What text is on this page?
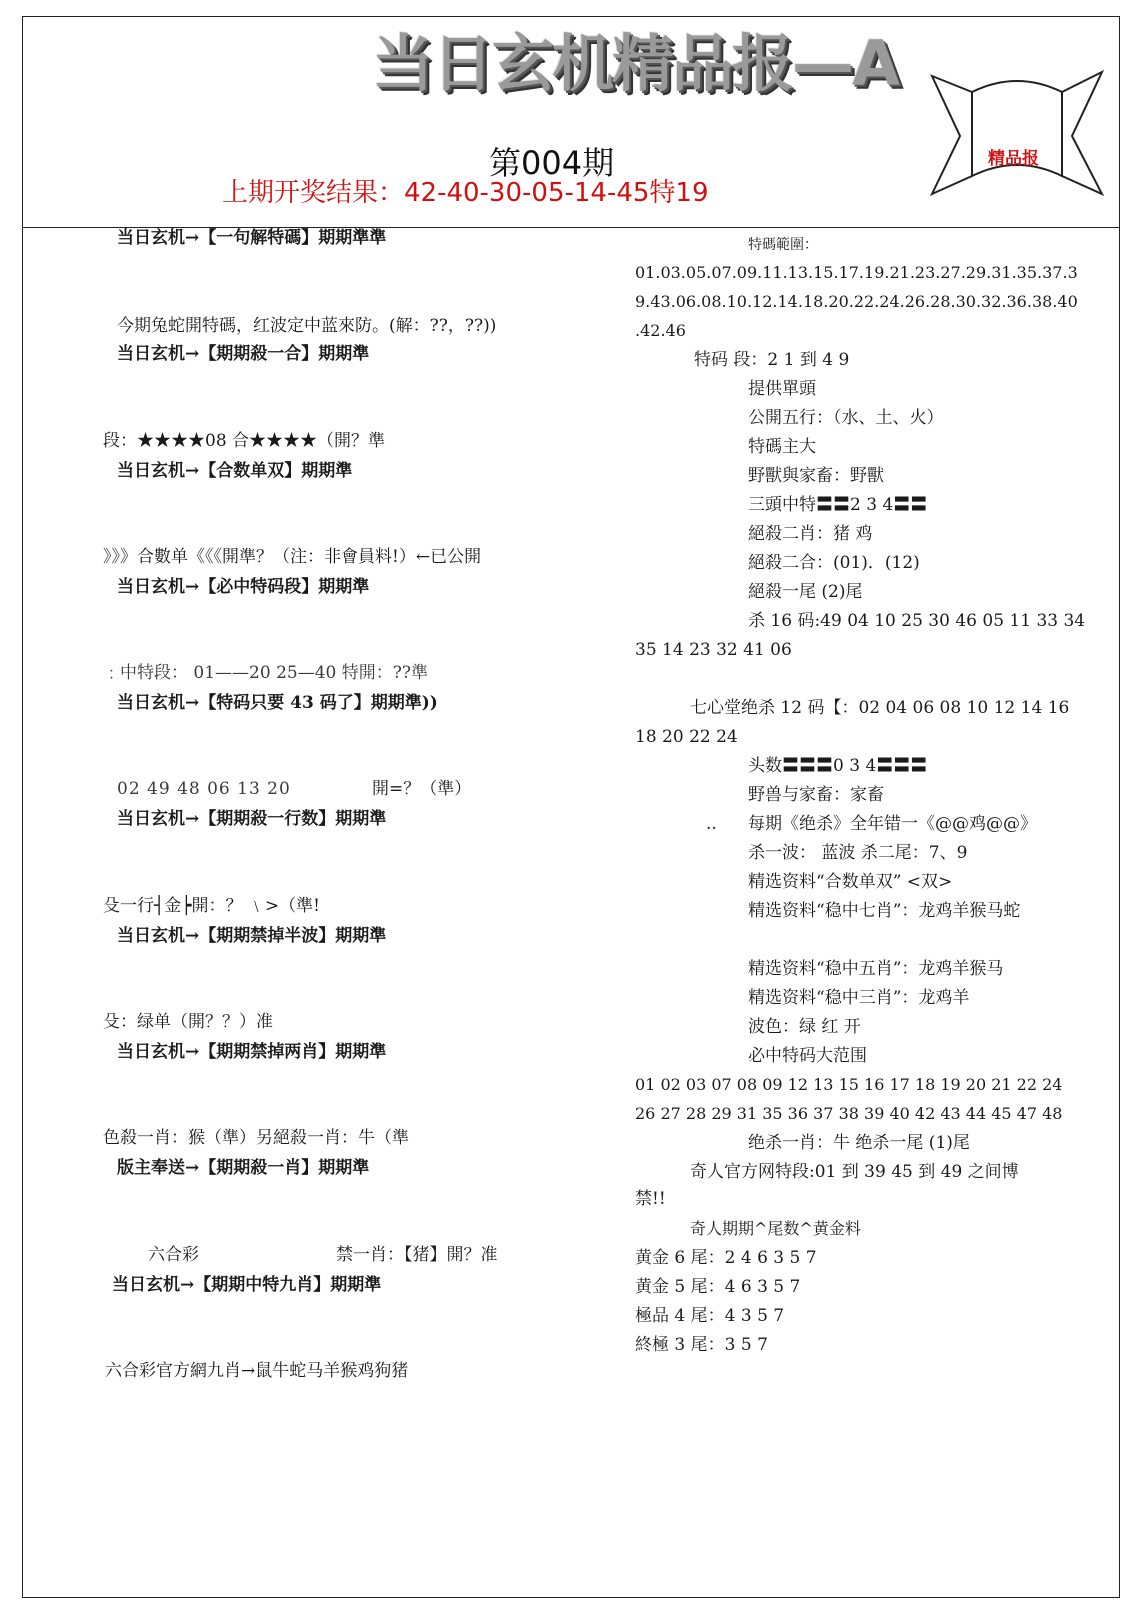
当日玄机精品报—A
第004期
上期开奖结果：42-40-30-05-14-45特19
精品报
当日玄机→【一句解特碼】期期準準
今期兔蛇開特碼，红波定中蓝來防。(解：??，??))
当日玄机→【期期殺一合】期期準
段：★★★★08 合★★★★（開？準
当日玄机→【合数单双】期期準
》》》合數单《《《開準？（注：非會員料!）←已公開
当日玄机→【必中特码段】期期準
﹕中特段： 01——20 25—40 特開：??準
当日玄机→【特码只要 43 码了】期期準))
02 49 48 06 13 20	開=？（準）
当日玄机→【期期殺一行数】期期準
殳一行┤金┝開：？ ﹨>（準!
当日玄机→【期期禁掉半波】期期準
殳：绿单（開？？）准
当日玄机→【期期禁掉两肖】期期準
色殺一肖：猴（準）另絕殺一肖：牛（準
版主奉送→【期期殺一肖】期期準
六合彩	禁一肖：【猪】開？准
当日玄机→【期期中特九肖】期期準
六合彩官方網九肖→鼠牛蛇马羊猴鸡狗猪
特碼範圍：
01.03.05.07.09.11.13.15.17.19.21.23.27.29.31.35.37.3
9.43.06.08.10.12.14.18.20.22.24.26.28.30.32.36.38.40
.42.46
特码 段：2 1 到 4 9
提供單頭
公開五行：（水、土、火）
特碼主大
野獸與家畜：野獸
三頭中特〓〓2 3 4〓〓
絕殺二肖：猪 鸡
絕殺二合：(01)．(12)
絕殺一尾 (2)尾
杀 16 码:49 04 10 25 30 46 05 11 33 34
35 14 23 32 41 06
七心堂绝杀 12 码【：02 04 06 08 10 12 14 16
18 20 22 24
头数〓〓〓0 3 4〓〓〓
野兽与家畜：家畜
.. 每期《绝杀》全年错一《@@鸡@@》
杀一波： 蓝波 杀二尾：7、9
精选资料“合数单双” <双>
精选资料“稳中七肖”：龙鸡羊猴马蛇
精选资料“稳中五肖”：龙鸡羊猴马
精选资料“稳中三肖”：龙鸡羊
波色：绿 红 开
必中特码大范围
01 02 03 07 08 09 12 13 15 16 17 18 19 20 21 22 24
26 27 28 29 31 35 36 37 38 39 40 42 43 44 45 47 48
绝杀一肖：牛 绝杀一尾 (1)尾
奇人官方网特段:01 到 39 45 到 49 之间博
禁!!
奇人期期^尾数^黄金料
黄金 6 尾：2 4 6 3 5 7
黄金 5 尾：4 6 3 5 7
極品 4 尾：4 3 5 7
終極 3 尾：3 5 7
